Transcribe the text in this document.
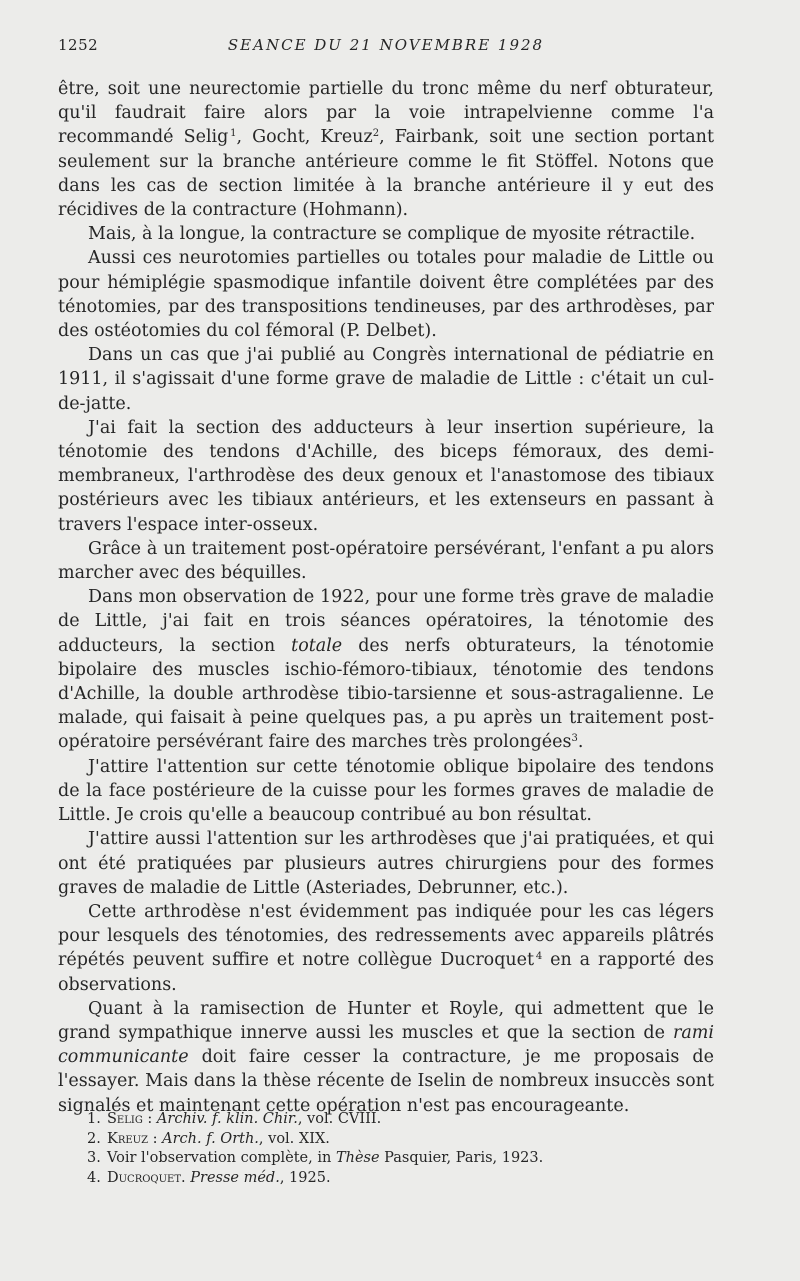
1252	SEANCE DU 21 NOVEMBRE 1928

être, soit une neurectomie partielle du tronc même du nerf obturateur, qu'il faudrait faire alors par la voie intrapelvienne comme l'a recommandé Selig  $^1$, Gocht, Kreuz$^2$, Fairbank, soit une section portant seulement sur la branche antérieure comme le fit Stöffel. Notons que dans les cas de section limitée à la branche antérieure il y eut des récidives de la contracture (Hohmann).

Mais, à la longue, la contracture se complique de myosite rétractile.

Aussi ces neurotomies partielles ou totales pour maladie de Little ou pour hémiplégie spasmodique infantile doivent être complétées par des ténotomies, par des transpositions tendineuses, par des arthrodèses, par des ostéotomies du col fémoral (P. Delbet).

Dans un cas que j'ai publié au Congrès international de pédiatrie en 1911, il s'agissait d'une forme grave de maladie de Little : c'était un cul-de-jatte.

J'ai fait la section des adducteurs à leur insertion supérieure, la ténotomie des tendons d'Achille, des biceps fémoraux, des demi-membraneux, l'arthrodèse des deux genoux et l'anastomose des tibiaux postérieurs avec les tibiaux antérieurs, et les extenseurs en passant à travers l'espace inter-osseux.

Grâce à un traitement post-opératoire persévérant, l'enfant a pu alors marcher avec des béquilles.

Dans mon observation de 1922, pour une forme très grave de maladie de Little, j'ai fait en trois séances opératoires, la ténotomie des adducteurs, la section totale des nerfs obturateurs, la ténotomie bipolaire des muscles ischio-fémoro-tibiaux, ténotomie des tendons d'Achille, la double arthrodèse tibio-tarsienne et sous-astragalienne. Le malade, qui faisait à peine quelques pas, a pu après un traitement post-opératoire persévérant faire des marches très prolongées$^3$.

J'attire l'attention sur cette ténotomie oblique bipolaire des tendons de la face postérieure de la cuisse pour les formes graves de maladie de Little. Je crois qu'elle a beaucoup contribué au bon résultat.

J'attire aussi l'attention sur les arthrodèses que j'ai pratiquées, et qui ont été pratiquées par plusieurs autres chirurgiens pour des formes graves de maladie de Little (Asteriades, Debrunner, etc.).

Cette arthrodèse n'est évidemment pas indiquée pour les cas légers pour lesquels des ténotomies, des redressements avec appareils plâtrés répétés peuvent suffire et notre collègue Ducroquet  $^4$ en a rapporté des observations.

Quant à la ramisection de Hunter et Royle, qui admettent que le grand sympathique innerve aussi les muscles et que la section de rami communicante doit faire cesser la contracture, je me proposais de l'essayer. Mais dans la thèse récente de Iselin de nombreux insuccès sont signalés et maintenant cette opération n'est pas encourageante.

1. Selig : Archiv. f. klin. Chir., vol. CVIII.
2. Kreuz : Arch. f. Orth., vol. XIX.
3. Voir l'observation complète, in Thèse Pasquier, Paris, 1923.
4. Ducroquet. Presse méd., 1925.
